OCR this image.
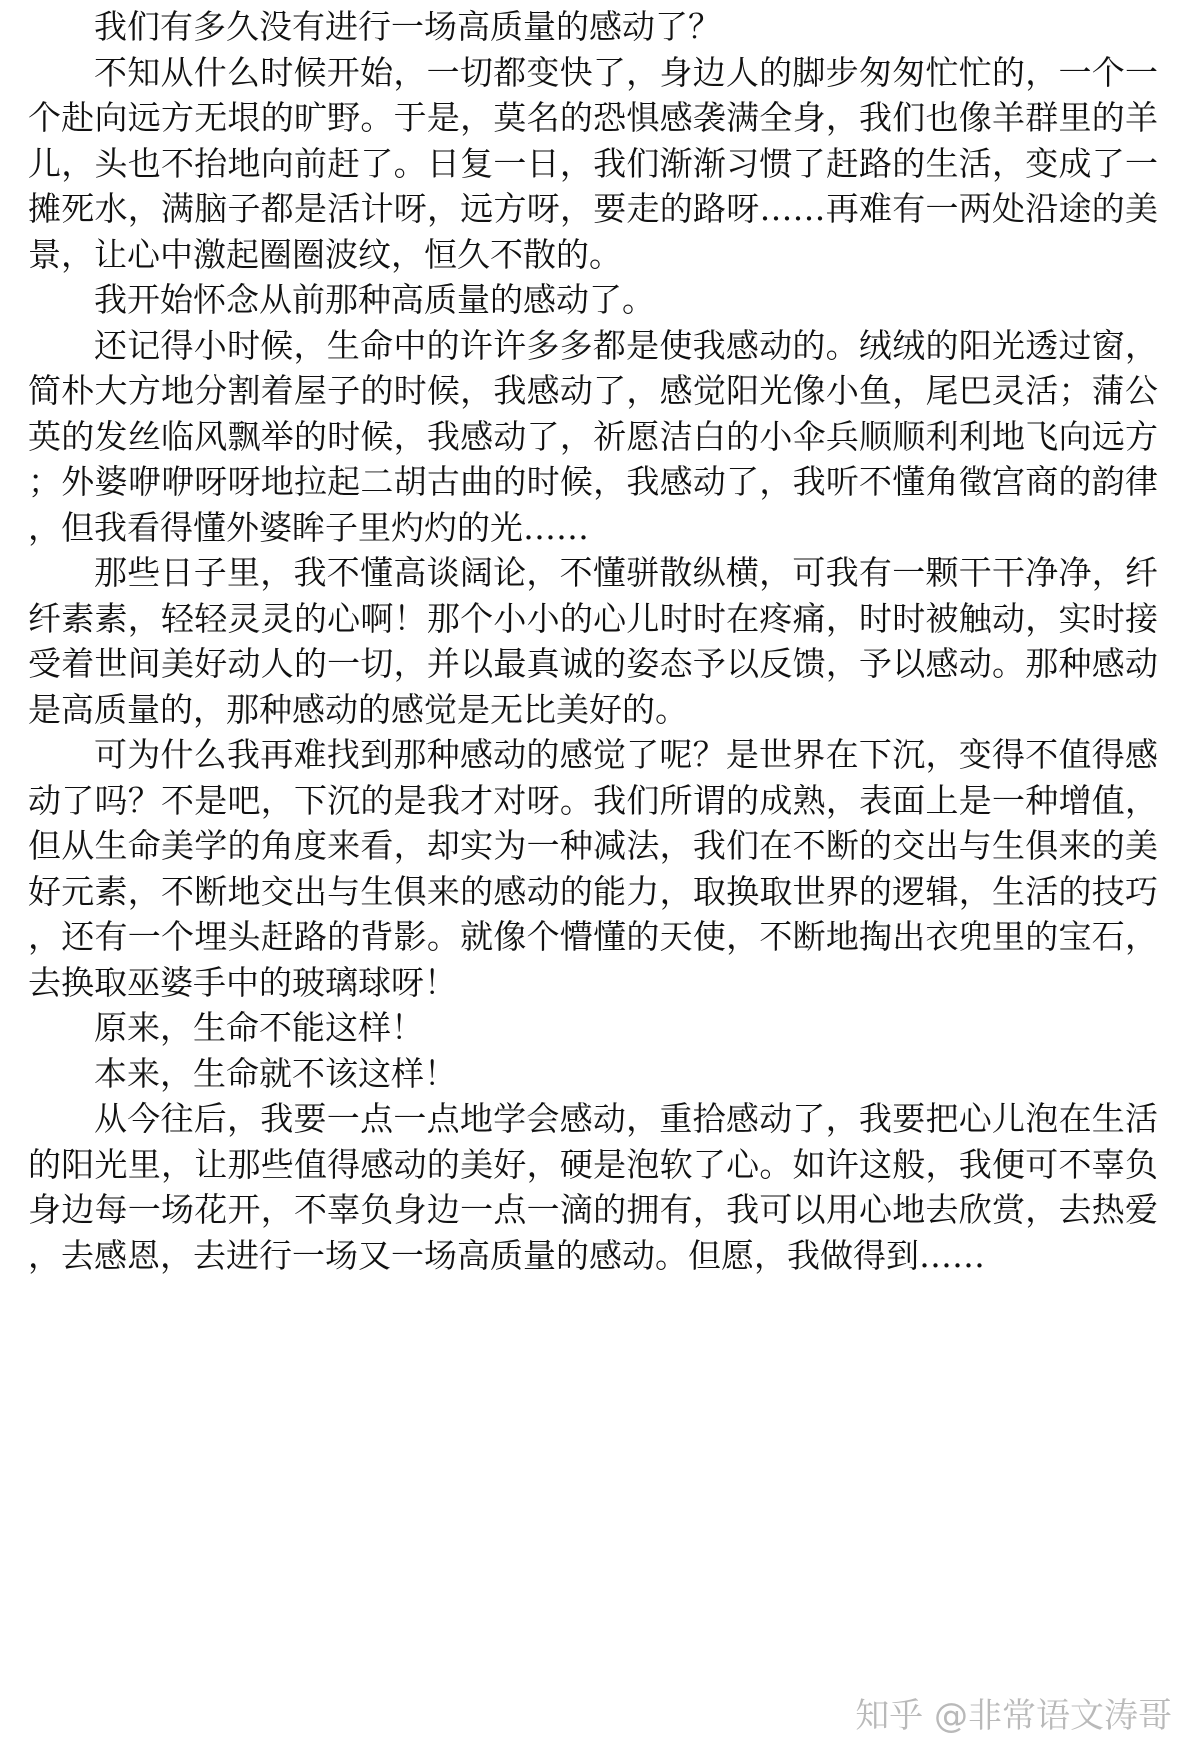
我们有多久没有进行一场高质量的感动了？

不知从什么时候开始，一切都变快了，身边人的脚步匆匆忙忙的，一个一个赴向远方无垠的旷野。于是，莫名的恐惧感袭满全身，我们也像羊群里的羊儿，头也不抬地向前赶了。日复一日，我们渐渐习惯了赶路的生活，变成了一摊死水，满脑子都是活计呀，远方呀，要走的路呀……再难有一两处沿途的美景，让心中激起圈圈波纹，恒久不散的。

我开始怀念从前那种高质量的感动了。

还记得小时候，生命中的许许多多都是使我感动的。绒绒的阳光透过窗，简朴大方地分割着屋子的时候，我感动了，感觉阳光像小鱼，尾巴灵活；蒲公英的发丝临风飘举的时候，我感动了，祈愿洁白的小伞兵顺顺利利地飞向远方；外婆咿咿呀呀地拉起二胡古曲的时候，我感动了，我听不懂角徵宫商的韵律，但我看得懂外婆眸子里灼灼的光……

那些日子里，我不懂高谈阔论，不懂骈散纵横，可我有一颗干干净净，纤纤素素，轻轻灵灵的心啊！那个小小的心儿时时在疼痛，时时被触动，实时接受着世间美好动人的一切，并以最真诚的姿态予以反馈，予以感动。那种感动是高质量的，那种感动的感觉是无比美好的。

可为什么我再难找到那种感动的感觉了呢？是世界在下沉，变得不值得感动了吗？不是吧，下沉的是我才对呀。我们所谓的成熟，表面上是一种增值，但从生命美学的角度来看，却实为一种减法，我们在不断的交出与生俱来的美好元素，不断地交出与生俱来的感动的能力，取换取世界的逻辑，生活的技巧，还有一个埋头赶路的背影。就像个懵懂的天使，不断地掏出衣兜里的宝石，去换取巫婆手中的玻璃球呀！

原来，生命不能这样！

本来，生命就不该这样！

从今往后，我要一点一点地学会感动，重拾感动了，我要把心儿泡在生活的阳光里，让那些值得感动的美好，硬是泡软了心。如许这般，我便可不辜负身边每一场花开，不辜负身边一点一滴的拥有，我可以用心地去欣赏，去热爱，去感恩，去进行一场又一场高质量的感动。但愿，我做得到……

知乎 @非常语文涛哥
